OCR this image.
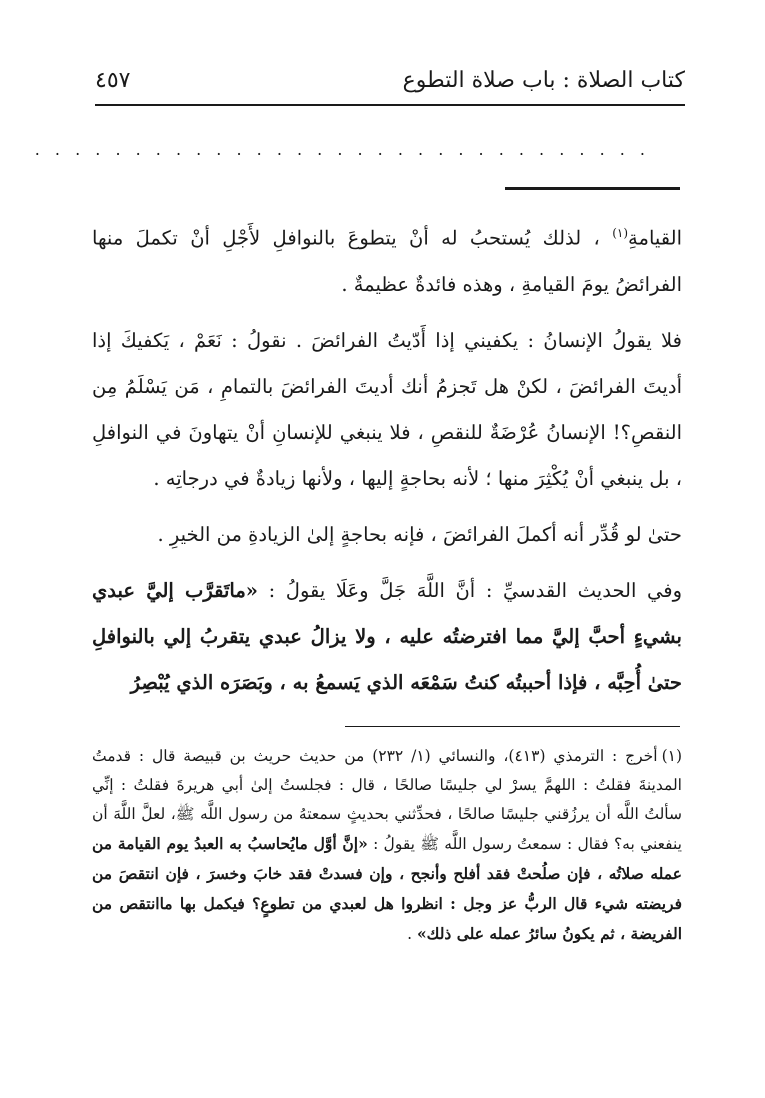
كتاب الصلاة : باب صلاة التطوع
٤٥٧
. . . . . . . . . . . . . . . . . . . . . . . . . . . . . . .

القيامةِ$^{(١)}$ ، لذلك يُستحبُ له أنْ يتطوعَ بالنوافلِ لأَجْلِ أنْ تكملَ منها الفرائضُ يومَ القيامةِ ، وهذه فائدةٌ عظيمةٌ .

فلا يقولُ الإنسانُ : يكفيني إذا أَدّيتُ الفرائضَ . نقولُ : نَعَمْ ، يَكفيكَ إذا أديتَ الفرائضَ ، لكنْ هل تَجزمُ أنك أديتَ الفرائضَ بالتمامِ ، مَن يَسْلَمُ مِن النقصِ؟! الإنسانُ عُرْضَةٌ للنقصِ ، فلا ينبغي للإنسانِ أنْ يتهاونَ في النوافلِ ، بل ينبغي أنْ يُكْثِرَ منها ؛ لأنه بحاجةٍ إليها ، ولأنها زيادةٌ في درجاتِه .

حتىٰ لو قُدِّر أنه أكملَ الفرائضَ ، فإنه بحاجةٍ إلىٰ الزيادةِ من الخيرِ .

وفي الحديث القدسيِّ : أنَّ اللَّهَ جَلَّ وعَلَا يقولُ : «ماتَقرَّب إليَّ عبدي بشيءٍ أحبَّ إليَّ مما افترضتُه عليه ، ولا يزالُ عبدي يتقربُ إلي بالنوافلِ حتىٰ أُحِبَّه ، فإذا أحببتُه كنتُ سَمْعَه الذي يَسمعُ به ، وبَصَرَه الذي يُبْصِرُ

(١)أخرج : الترمذي (٤١٣)، والنسائي (١/ ٢٣٢) من حديث حريث بن قبيصة قال : قدمتُ المدينةَ فقلتُ : اللهمَّ يسرْ لي جليسًا صالحًا ، قال : فجلستُ إلىٰ أبي هريرةَ فقلتُ : إنِّي سألتُ اللَّه أن يرزُقني جليسًا صالحًا ، فحدِّثني بحديثٍ سمعتهُ من رسول اللَّه ﷺ، لعلَّ اللَّهَ أن ينفعني به؟ فقال : سمعتُ رسول اللَّه ﷺ يقولُ : «إنَّ أوَّل مايُحاسبُ به العبدُ يوم القيامة من عمله صلاتُه ، فإن صلُحتْ فقد أفلح وأنجح ، وإن فسدتْ فقد خابَ وخسرَ ، فإن انتقصَ من فريضته شيء قال الربُّ عز وجل : انظروا هل لعبدي من تطوعٍ؟ فيكمل بها ماانتقص من الفريضة ، ثم يكونُ سائرُ عمله على ذلك» .
